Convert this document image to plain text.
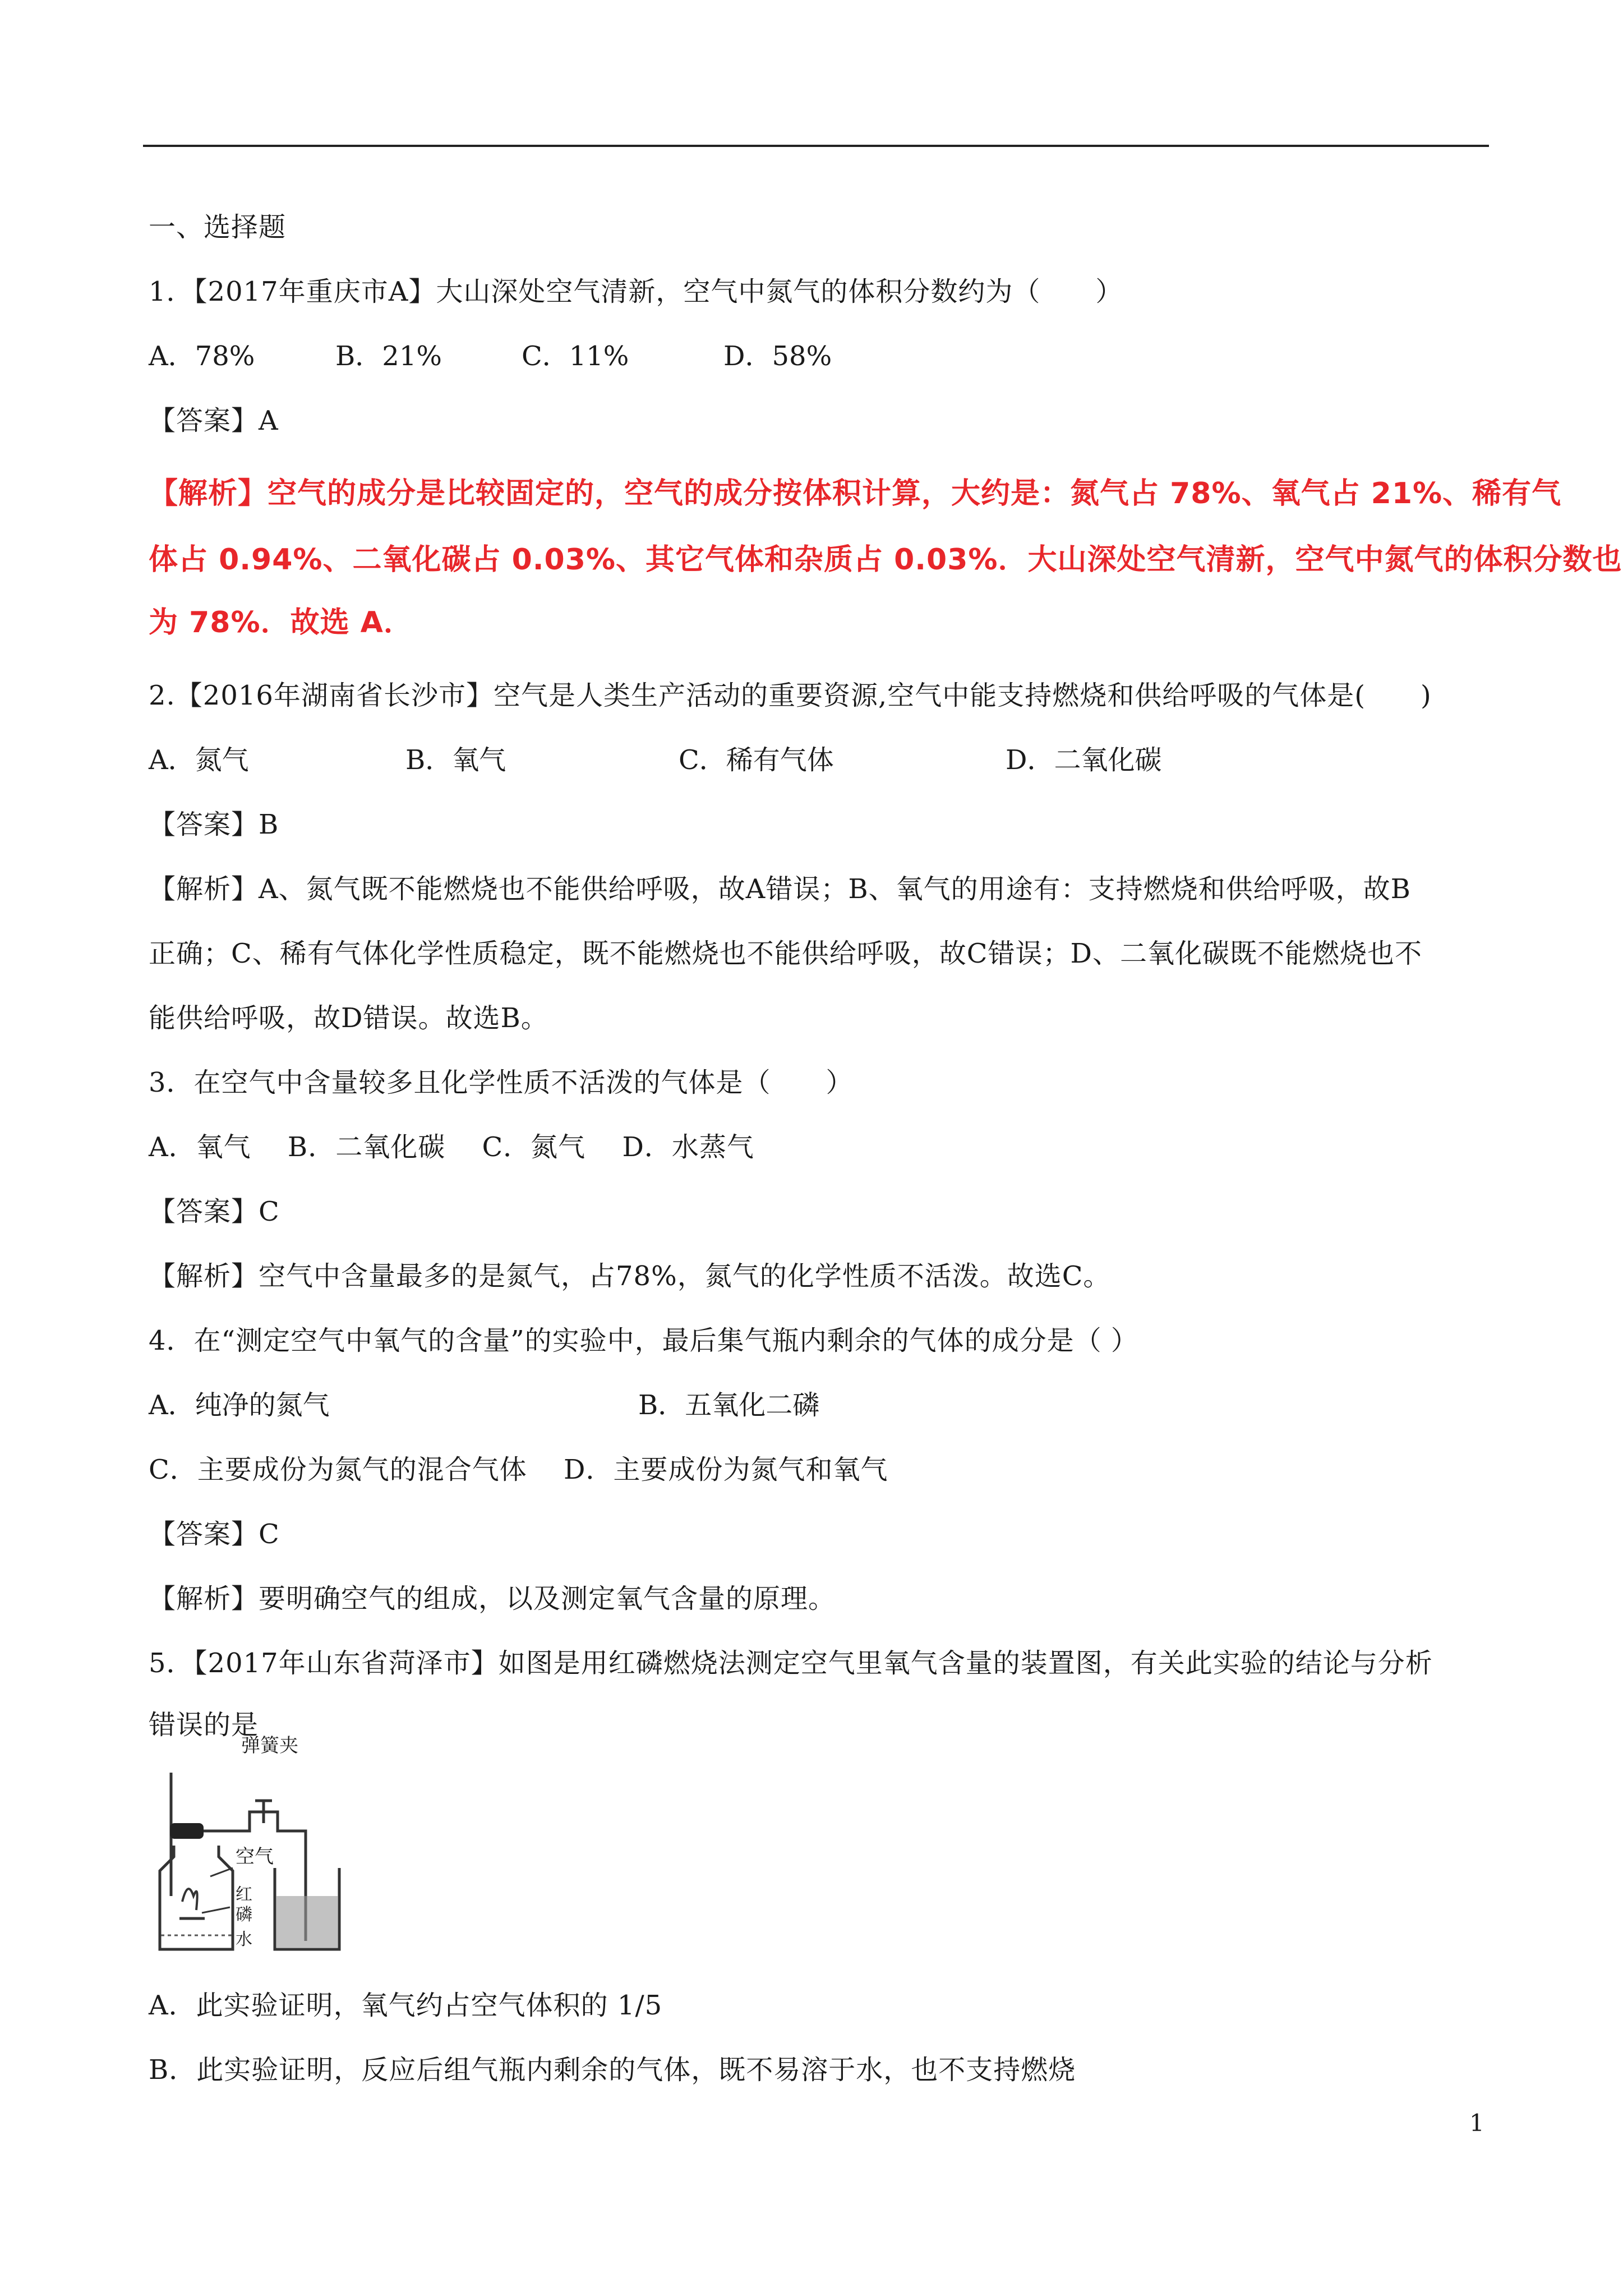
一、选择题
1．【2017年重庆市A】大山深处空气清新，空气中氮气的体积分数约为（　　）
A．78%	B．21%	C．11%	D．58%
【答案】A
【解析】空气的成分是比较固定的，空气的成分按体积计算，大约是：氮气占 78%、氧气占 21%、稀有气
体占 0.94%、二氧化碳占 0.03%、其它气体和杂质占 0.03%．大山深处空气清新，空气中氮气的体积分数也
为 78%．故选 A．
2.【2016年湖南省长沙市】空气是人类生产活动的重要资源,空气中能支持燃烧和供给呼吸的气体是(　　)
A．氮气	B．氧气	C．稀有气体	D．二氧化碳
【答案】B
【解析】A、氮气既不能燃烧也不能供给呼吸，故A错误；B、氧气的用途有：支持燃烧和供给呼吸，故B
正确；C、稀有气体化学性质稳定，既不能燃烧也不能供给呼吸，故C错误；D、二氧化碳既不能燃烧也不
能供给呼吸，故D错误。故选B。
3．在空气中含量较多且化学性质不活泼的气体是（　　）
A．氧气　 B．二氧化碳　 C．氮气　 D．水蒸气
【答案】C
【解析】空气中含量最多的是氮气，占78%，氮气的化学性质不活泼。故选C。
4．在“测定空气中氧气的含量”的实验中，最后集气瓶内剩余的气体的成分是（ ）
A．纯净的氮气	B．五氧化二磷
C．主要成份为氮气的混合气体　 D．主要成份为氮气和氧气
【答案】C
【解析】要明确空气的组成，以及测定氧气含量的原理。
5．【2017年山东省菏泽市】如图是用红磷燃烧法测定空气里氧气含量的装置图，有关此实验的结论与分析
错误的是
弹簧夹
空气
红磷
水
A．此实验证明，氧气约占空气体积的 1/5
B．此实验证明，反应后组气瓶内剩余的气体，既不易溶于水，也不支持燃烧
1
